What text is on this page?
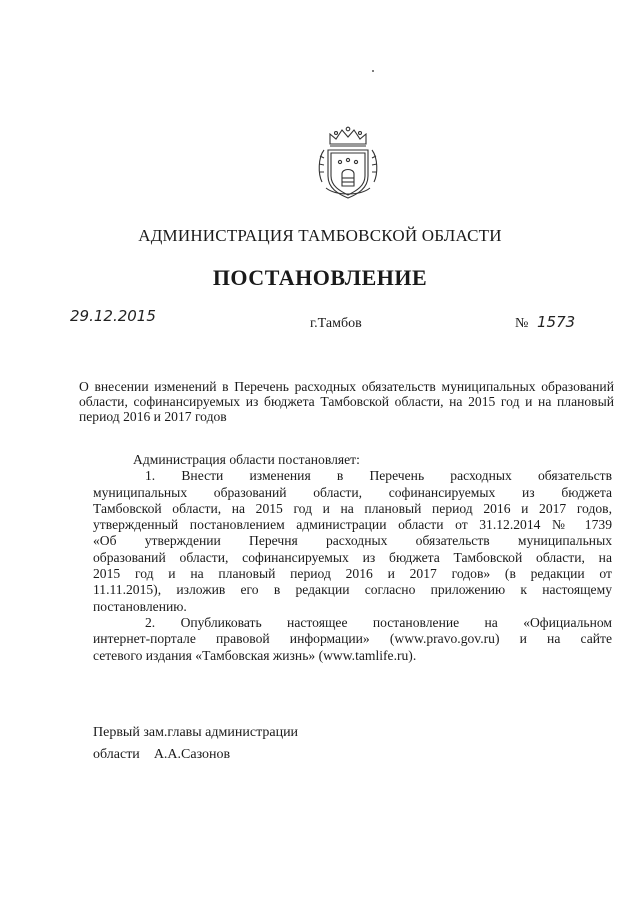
АДМИНИСТРАЦИЯ ТАМБОВСКОЙ ОБЛАСТИ
ПОСТАНОВЛЕНИЕ
29.12.2015	г.Тамбов	№ 1573
О внесении изменений в Перечень расходных обязательств муниципальных образований области, софинансируемых из бюджета Тамбовской области, на 2015 год и на плановый период 2016 и 2017 годов

Администрация области постановляет:

1. Внести изменения в Перечень расходных обязательств

муниципальных образований области, софинансируемых из бюджета

Тамбовской области, на 2015 год и на плановый период 2016 и 2017 годов,

утвержденный постановлением администрации области от 31.12.2014 № 1739

«Об утверждении Перечня расходных обязательств муниципальных

образований области, софинансируемых из бюджета Тамбовской области, на

2015 год и на плановый период 2016 и 2017 годов» (в редакции от

11.11.2015), изложив его в редакции согласно приложению к настоящему

постановлению.

2. Опубликовать настоящее постановление на «Официальном

интернет-портале правовой информации» (www.pravo.gov.ru) и на сайте

сетевого издания «Тамбовская жизнь» (www.tamlife.ru).

Первый зам.главы администрации
области А.А.Сазонов
